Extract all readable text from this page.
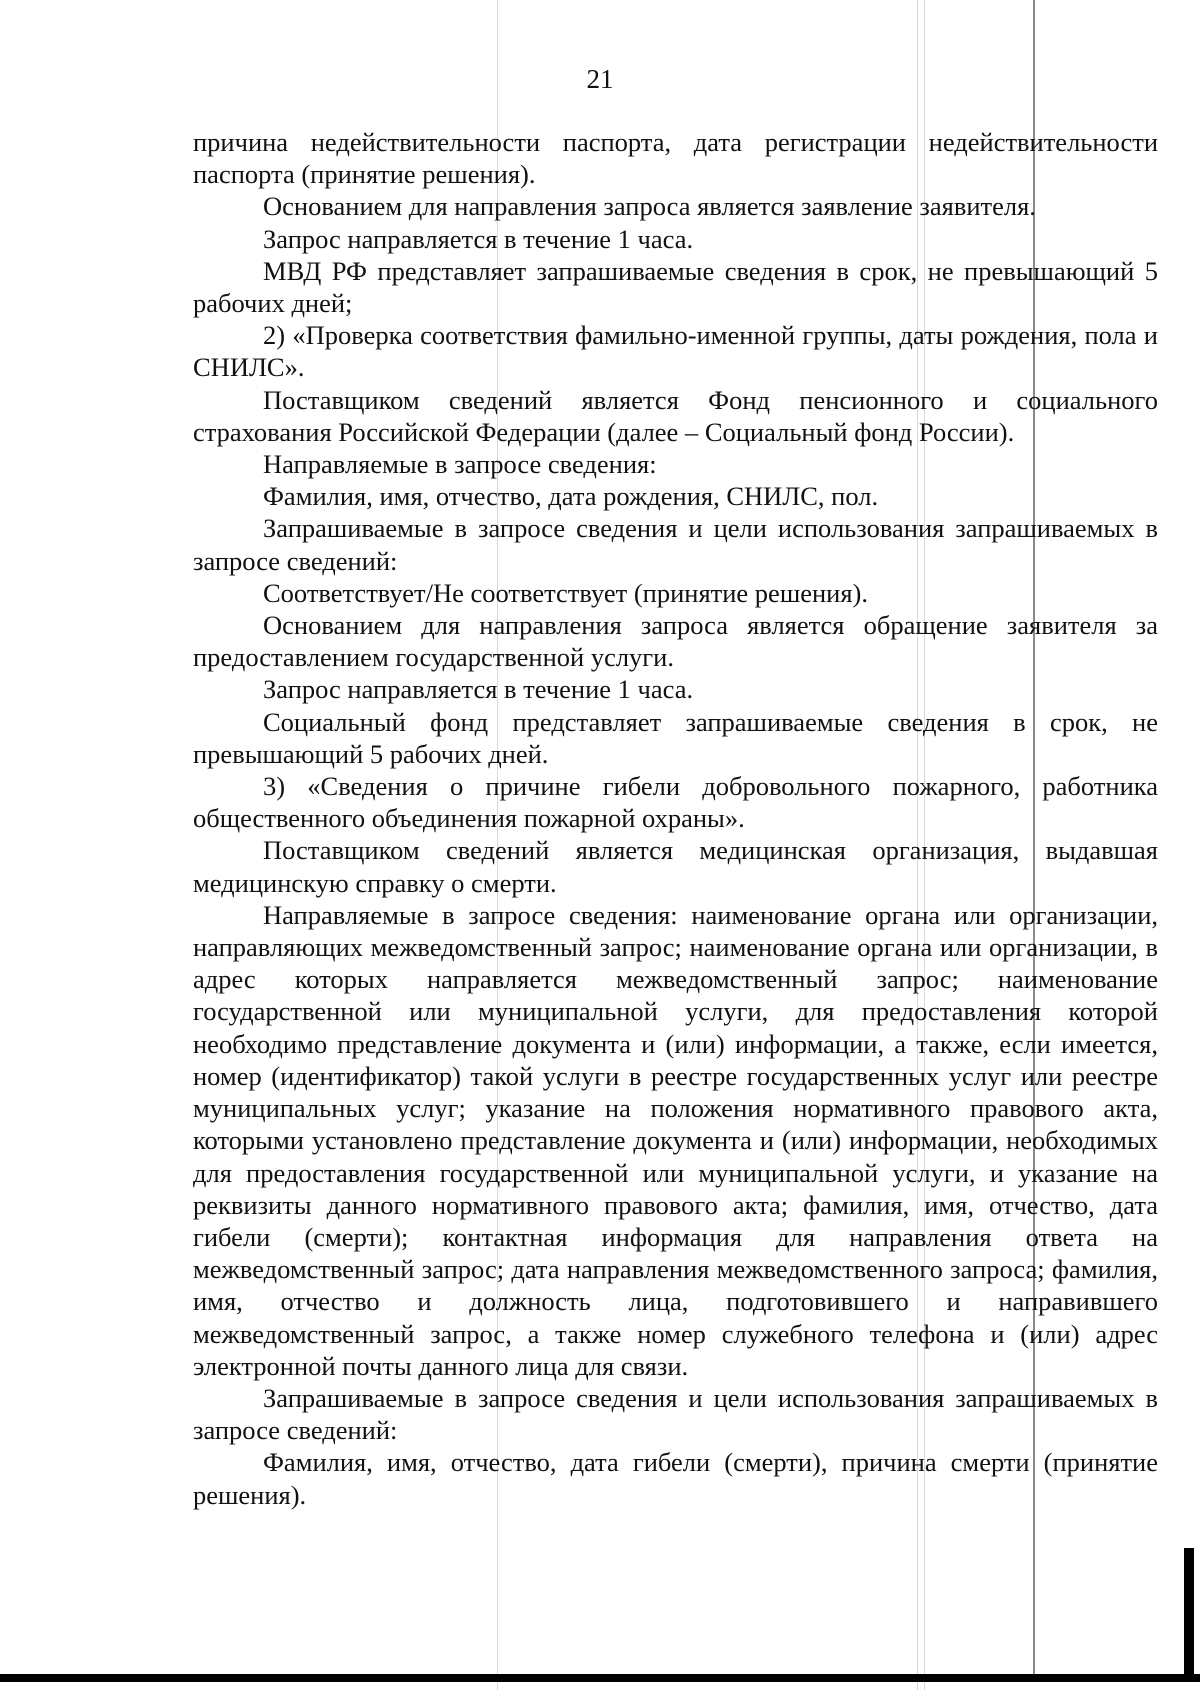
21

причина недействительности паспорта, дата регистрации недействительности паспорта (принятие решения).

Основанием для направления запроса является заявление заявителя.

Запрос направляется в течение 1 часа.

МВД РФ представляет запрашиваемые сведения в срок, не превышающий 5 рабочих дней;

2) «Проверка соответствия фамильно-именной группы, даты рождения, пола и СНИЛС».

Поставщиком сведений является Фонд пенсионного и социального страхования Российской Федерации (далее – Социальный фонд России).

Направляемые в запросе сведения:

Фамилия, имя, отчество, дата рождения, СНИЛС, пол.

Запрашиваемые в запросе сведения и цели использования запрашиваемых в запросе сведений:

Соответствует/Не соответствует (принятие решения).

Основанием для направления запроса является обращение заявителя за предоставлением государственной услуги.

Запрос направляется в течение 1 часа.

Социальный фонд представляет запрашиваемые сведения в срок, не превышающий 5 рабочих дней.

3) «Сведения о причине гибели добровольного пожарного, работника общественного объединения пожарной охраны».

Поставщиком сведений является медицинская организация, выдавшая медицинскую справку о смерти.

Направляемые в запросе сведения: наименование органа или организации, направляющих межведомственный запрос; наименование органа или организации, в адрес которых направляется межведомственный запрос; наименование государственной или муниципальной услуги, для предоставления которой необходимо представление документа и (или) информации, а также, если имеется, номер (идентификатор) такой услуги в реестре государственных услуг или реестре муниципальных услуг; указание на положения нормативного правового акта, которыми установлено представление документа и (или) информации, необходимых для предоставления государственной или муниципальной услуги, и указание на реквизиты данного нормативного правового акта; фамилия, имя, отчество, дата гибели (смерти); контактная информация для направления ответа на межведомственный запрос; дата направления межведомственного запроса; фамилия, имя, отчество и должность лица, подготовившего и направившего межведомственный запрос, а также номер служебного телефона и (или) адрес электронной почты данного лица для связи.

Запрашиваемые в запросе сведения и цели использования запрашиваемых в запросе сведений:

Фамилия, имя, отчество, дата гибели (смерти), причина смерти (принятие решения).
